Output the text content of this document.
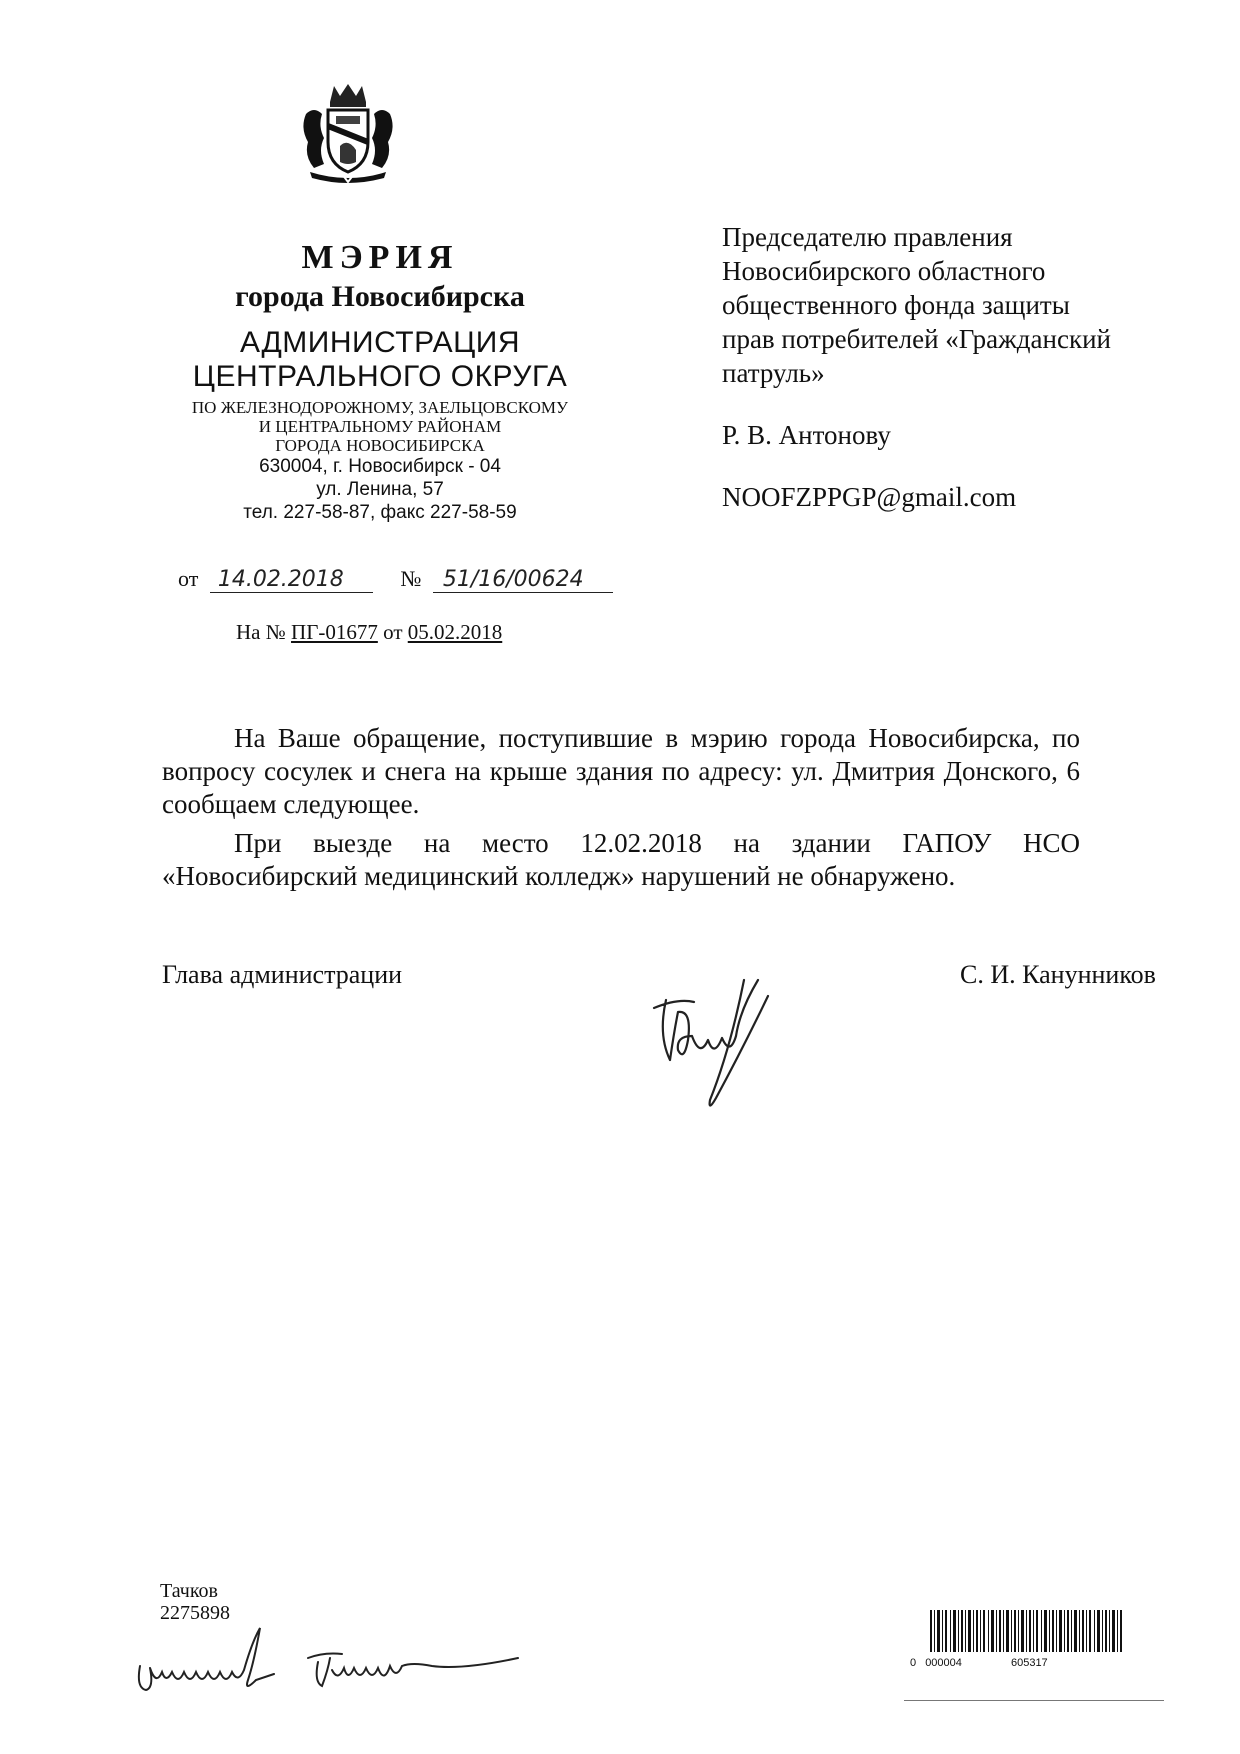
МЭРИЯ
города Новосибирска
АДМИНИСТРАЦИЯ
ЦЕНТРАЛЬНОГО ОКРУГА
ПО ЖЕЛЕЗНОДОРОЖНОМУ, ЗАЕЛЬЦОВСКОМУ
И ЦЕНТРАЛЬНОМУ РАЙОНАМ
ГОРОДА НОВОСИБИРСКА
630004, г. Новосибирск - 04
ул. Ленина, 57
тел. 227-58-87, факс 227-58-59
от 14.02.2018	№ 51/16/00624
На № ПГ-01677 от 05.02.2018
Председателю правления
Новосибирского областного
общественного фонда защиты
прав потребителей «Гражданский
патруль»
Р. В. Антонову
NOOFZPPGP@gmail.com

На Ваше обращение, поступившие в мэрию города Новосибирска, по вопросу сосулек и снега на крыше здания по адресу: ул. Дмитрия Донского, 6 сообщаем следующее.

При выезде на место 12.02.2018 на здании ГАПОУ НСО «Новосибирский медицинский колледж» нарушений не обнаружено.

Глава администрации	С. И. Канунников
Тачков
2275898
0 000004	605317
